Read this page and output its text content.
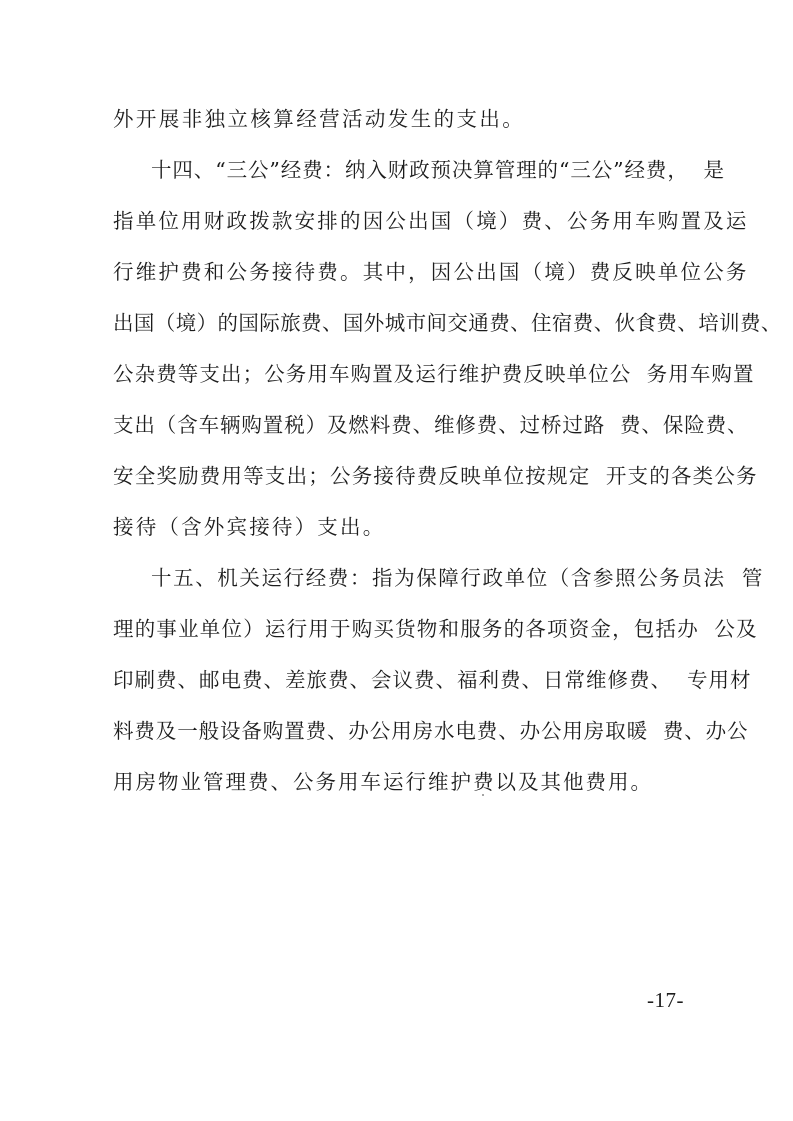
外开展非独立核算经营活动发生的支出。
十四、“三公”经费：纳入财政预决算管理的“三公”经费，  是
指单位用财政拨款安排的因公出国（境）费、公务用车购置及运
行维护费和公务接待费。其中，因公出国（境）费反映单位公务
出国（境）的国际旅费、国外城市间交通费、住宿费、伙食费、培训费、
公杂费等支出；公务用车购置及运行维护费反映单位公  务用车购置
支出（含车辆购置税）及燃料费、维修费、过桥过路  费、保险费、
安全奖励费用等支出；公务接待费反映单位按规定  开支的各类公务
接待（含外宾接待）支出。
十五、机关运行经费：指为保障行政单位（含参照公务员法  管
理的事业单位）运行用于购买货物和服务的各项资金，包括办  公及
印刷费、邮电费、差旅费、会议费、福利费、日常维修费、  专用材
料费及一般设备购置费、办公用房水电费、办公用房取暖  费、办公
用房物业管理费、公务用车运行维护费以及其他费用。
-17-
